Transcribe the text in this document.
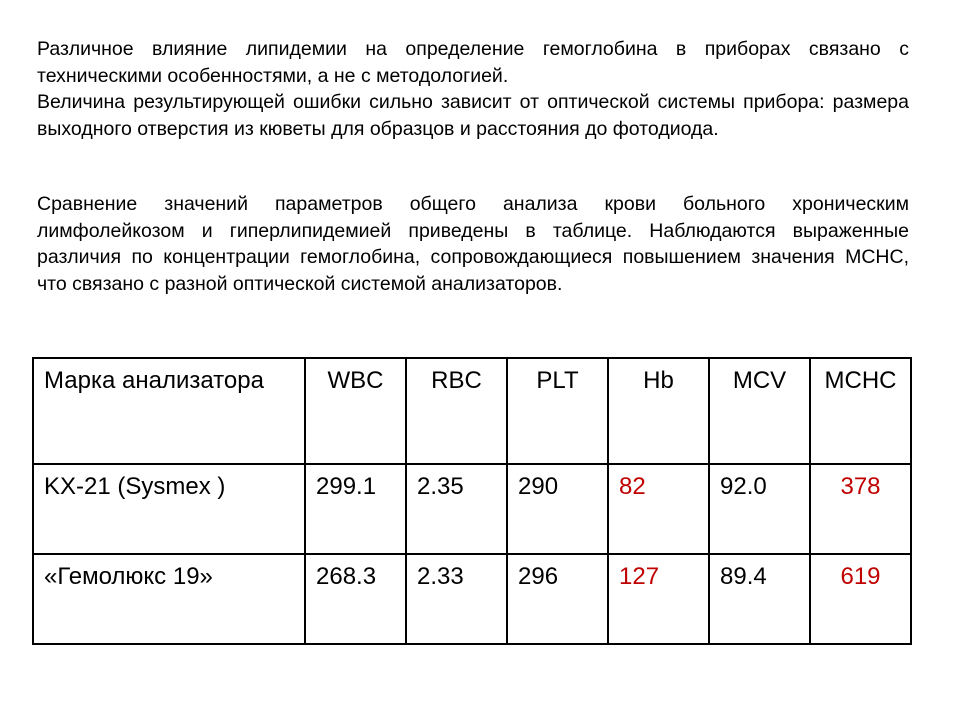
Различное влияние липидемии на определение гемоглобина в приборах связано с техническими особенностями, а не с методологией.

Величина результирующей ошибки сильно зависит от оптической системы прибора: размера выходного отверстия из кюветы для образцов и расстояния до фотодиода.

Сравнение значений параметров общего анализа крови больного хроническим лимфолейкозом и гиперлипидемией приведены в таблице. Наблюдаются выраженные различия по концентрации гемоглобина, сопровождающиеся повышением значения MCHC, что связано с разной оптической системой анализаторов.

Марка анализатора	WBC	RBC	PLT	Hb	MCV	MCHC
KX-21 (Sysmex )	299.1	2.35	290	82	92.0	378
«Гемолюкс 19»	268.3	2.33	296	127	89.4	619
